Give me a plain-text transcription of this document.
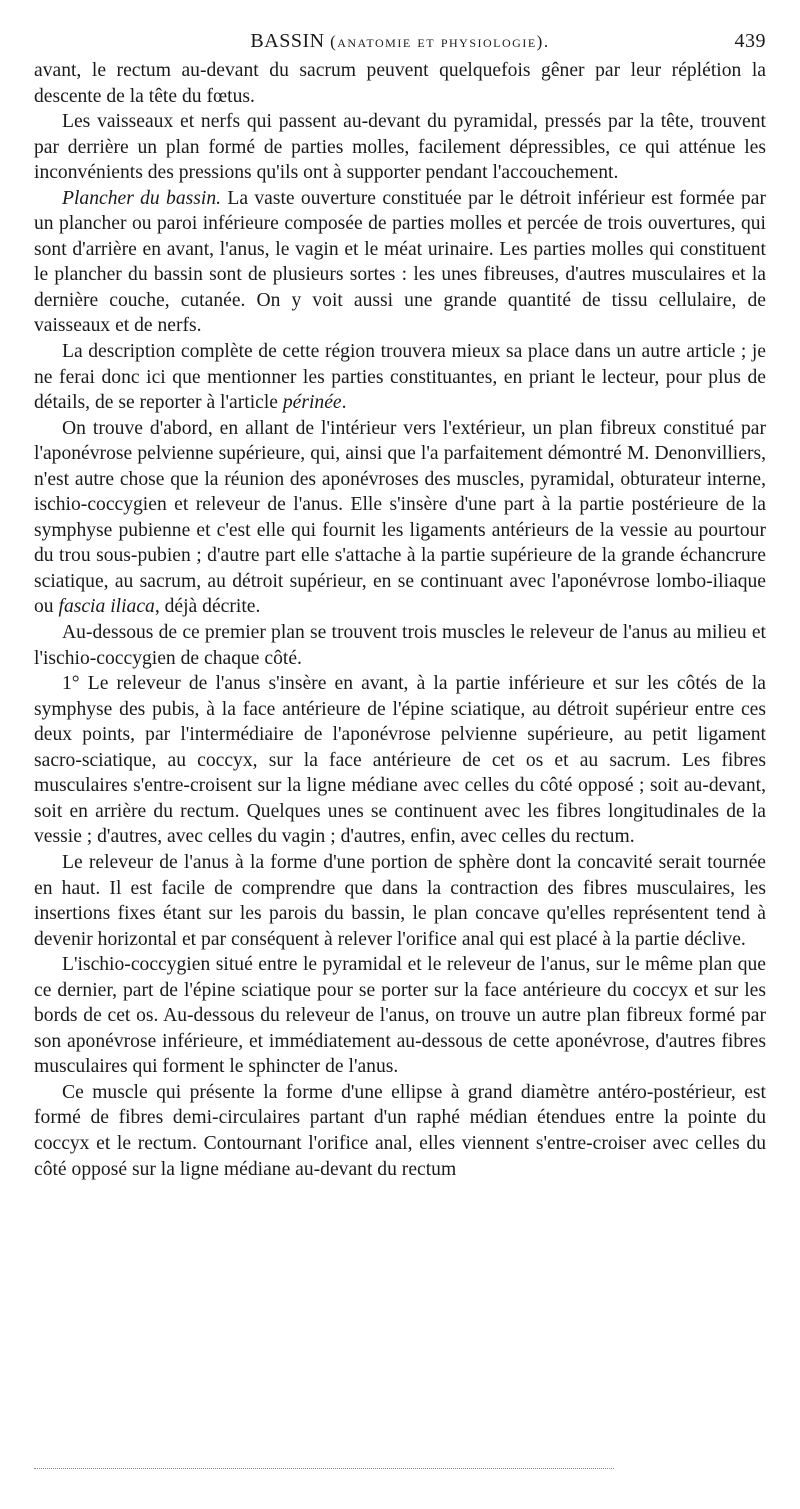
BASSIN (anatomie et physiologie).	439

avant, le rectum au-devant du sacrum peuvent quelquefois gêner par leur réplétion la descente de la tête du fœtus.

Les vaisseaux et nerfs qui passent au-devant du pyramidal, pressés par la tête, trouvent par derrière un plan formé de parties molles, facilement dépressibles, ce qui atténue les inconvénients des pressions qu'ils ont à supporter pendant l'accouchement.

Plancher du bassin. La vaste ouverture constituée par le détroit inférieur est formée par un plancher ou paroi inférieure composée de parties molles et percée de trois ouvertures, qui sont d'arrière en avant, l'anus, le vagin et le méat urinaire. Les parties molles qui constituent le plancher du bassin sont de plusieurs sortes : les unes fibreuses, d'autres musculaires et la dernière couche, cutanée. On y voit aussi une grande quantité de tissu cellulaire, de vaisseaux et de nerfs.

La description complète de cette région trouvera mieux sa place dans un autre article ; je ne ferai donc ici que mentionner les parties constituantes, en priant le lecteur, pour plus de détails, de se reporter à l'article périnée.

On trouve d'abord, en allant de l'intérieur vers l'extérieur, un plan fibreux constitué par l'aponévrose pelvienne supérieure, qui, ainsi que l'a parfaitement démontré M. Denonvilliers, n'est autre chose que la réunion des aponévroses des muscles, pyramidal, obturateur interne, ischio-coccygien et releveur de l'anus. Elle s'insère d'une part à la partie postérieure de la symphyse pubienne et c'est elle qui fournit les ligaments antérieurs de la vessie au pourtour du trou sous-pubien ; d'autre part elle s'attache à la partie supérieure de la grande échancrure sciatique, au sacrum, au détroit supérieur, en se continuant avec l'aponévrose lombo-iliaque ou fascia iliaca, déjà décrite.

Au-dessous de ce premier plan se trouvent trois muscles le releveur de l'anus au milieu et l'ischio-coccygien de chaque côté.

1° Le releveur de l'anus s'insère en avant, à la partie inférieure et sur les côtés de la symphyse des pubis, à la face antérieure de l'épine sciatique, au détroit supérieur entre ces deux points, par l'intermédiaire de l'aponévrose pelvienne supérieure, au petit ligament sacro-sciatique, au coccyx, sur la face antérieure de cet os et au sacrum. Les fibres musculaires s'entre-croisent sur la ligne médiane avec celles du côté opposé ; soit au-devant, soit en arrière du rectum. Quelques unes se continuent avec les fibres longitudinales de la vessie ; d'autres, avec celles du vagin ; d'autres, enfin, avec celles du rectum.

Le releveur de l'anus à la forme d'une portion de sphère dont la concavité serait tournée en haut. Il est facile de comprendre que dans la contraction des fibres musculaires, les insertions fixes étant sur les parois du bassin, le plan concave qu'elles représentent tend à devenir horizontal et par conséquent à relever l'orifice anal qui est placé à la partie déclive.

L'ischio-coccygien situé entre le pyramidal et le releveur de l'anus, sur le même plan que ce dernier, part de l'épine sciatique pour se porter sur la face antérieure du coccyx et sur les bords de cet os. Au-dessous du releveur de l'anus, on trouve un autre plan fibreux formé par son aponévrose inférieure, et immédiatement au-dessous de cette aponévrose, d'autres fibres musculaires qui forment le sphincter de l'anus.

Ce muscle qui présente la forme d'une ellipse à grand diamètre antéro-postérieur, est formé de fibres demi-circulaires partant d'un raphé médian étendues entre la pointe du coccyx et le rectum. Contournant l'orifice anal, elles viennent s'entre-croiser avec celles du côté opposé sur la ligne médiane au-devant du rectum
